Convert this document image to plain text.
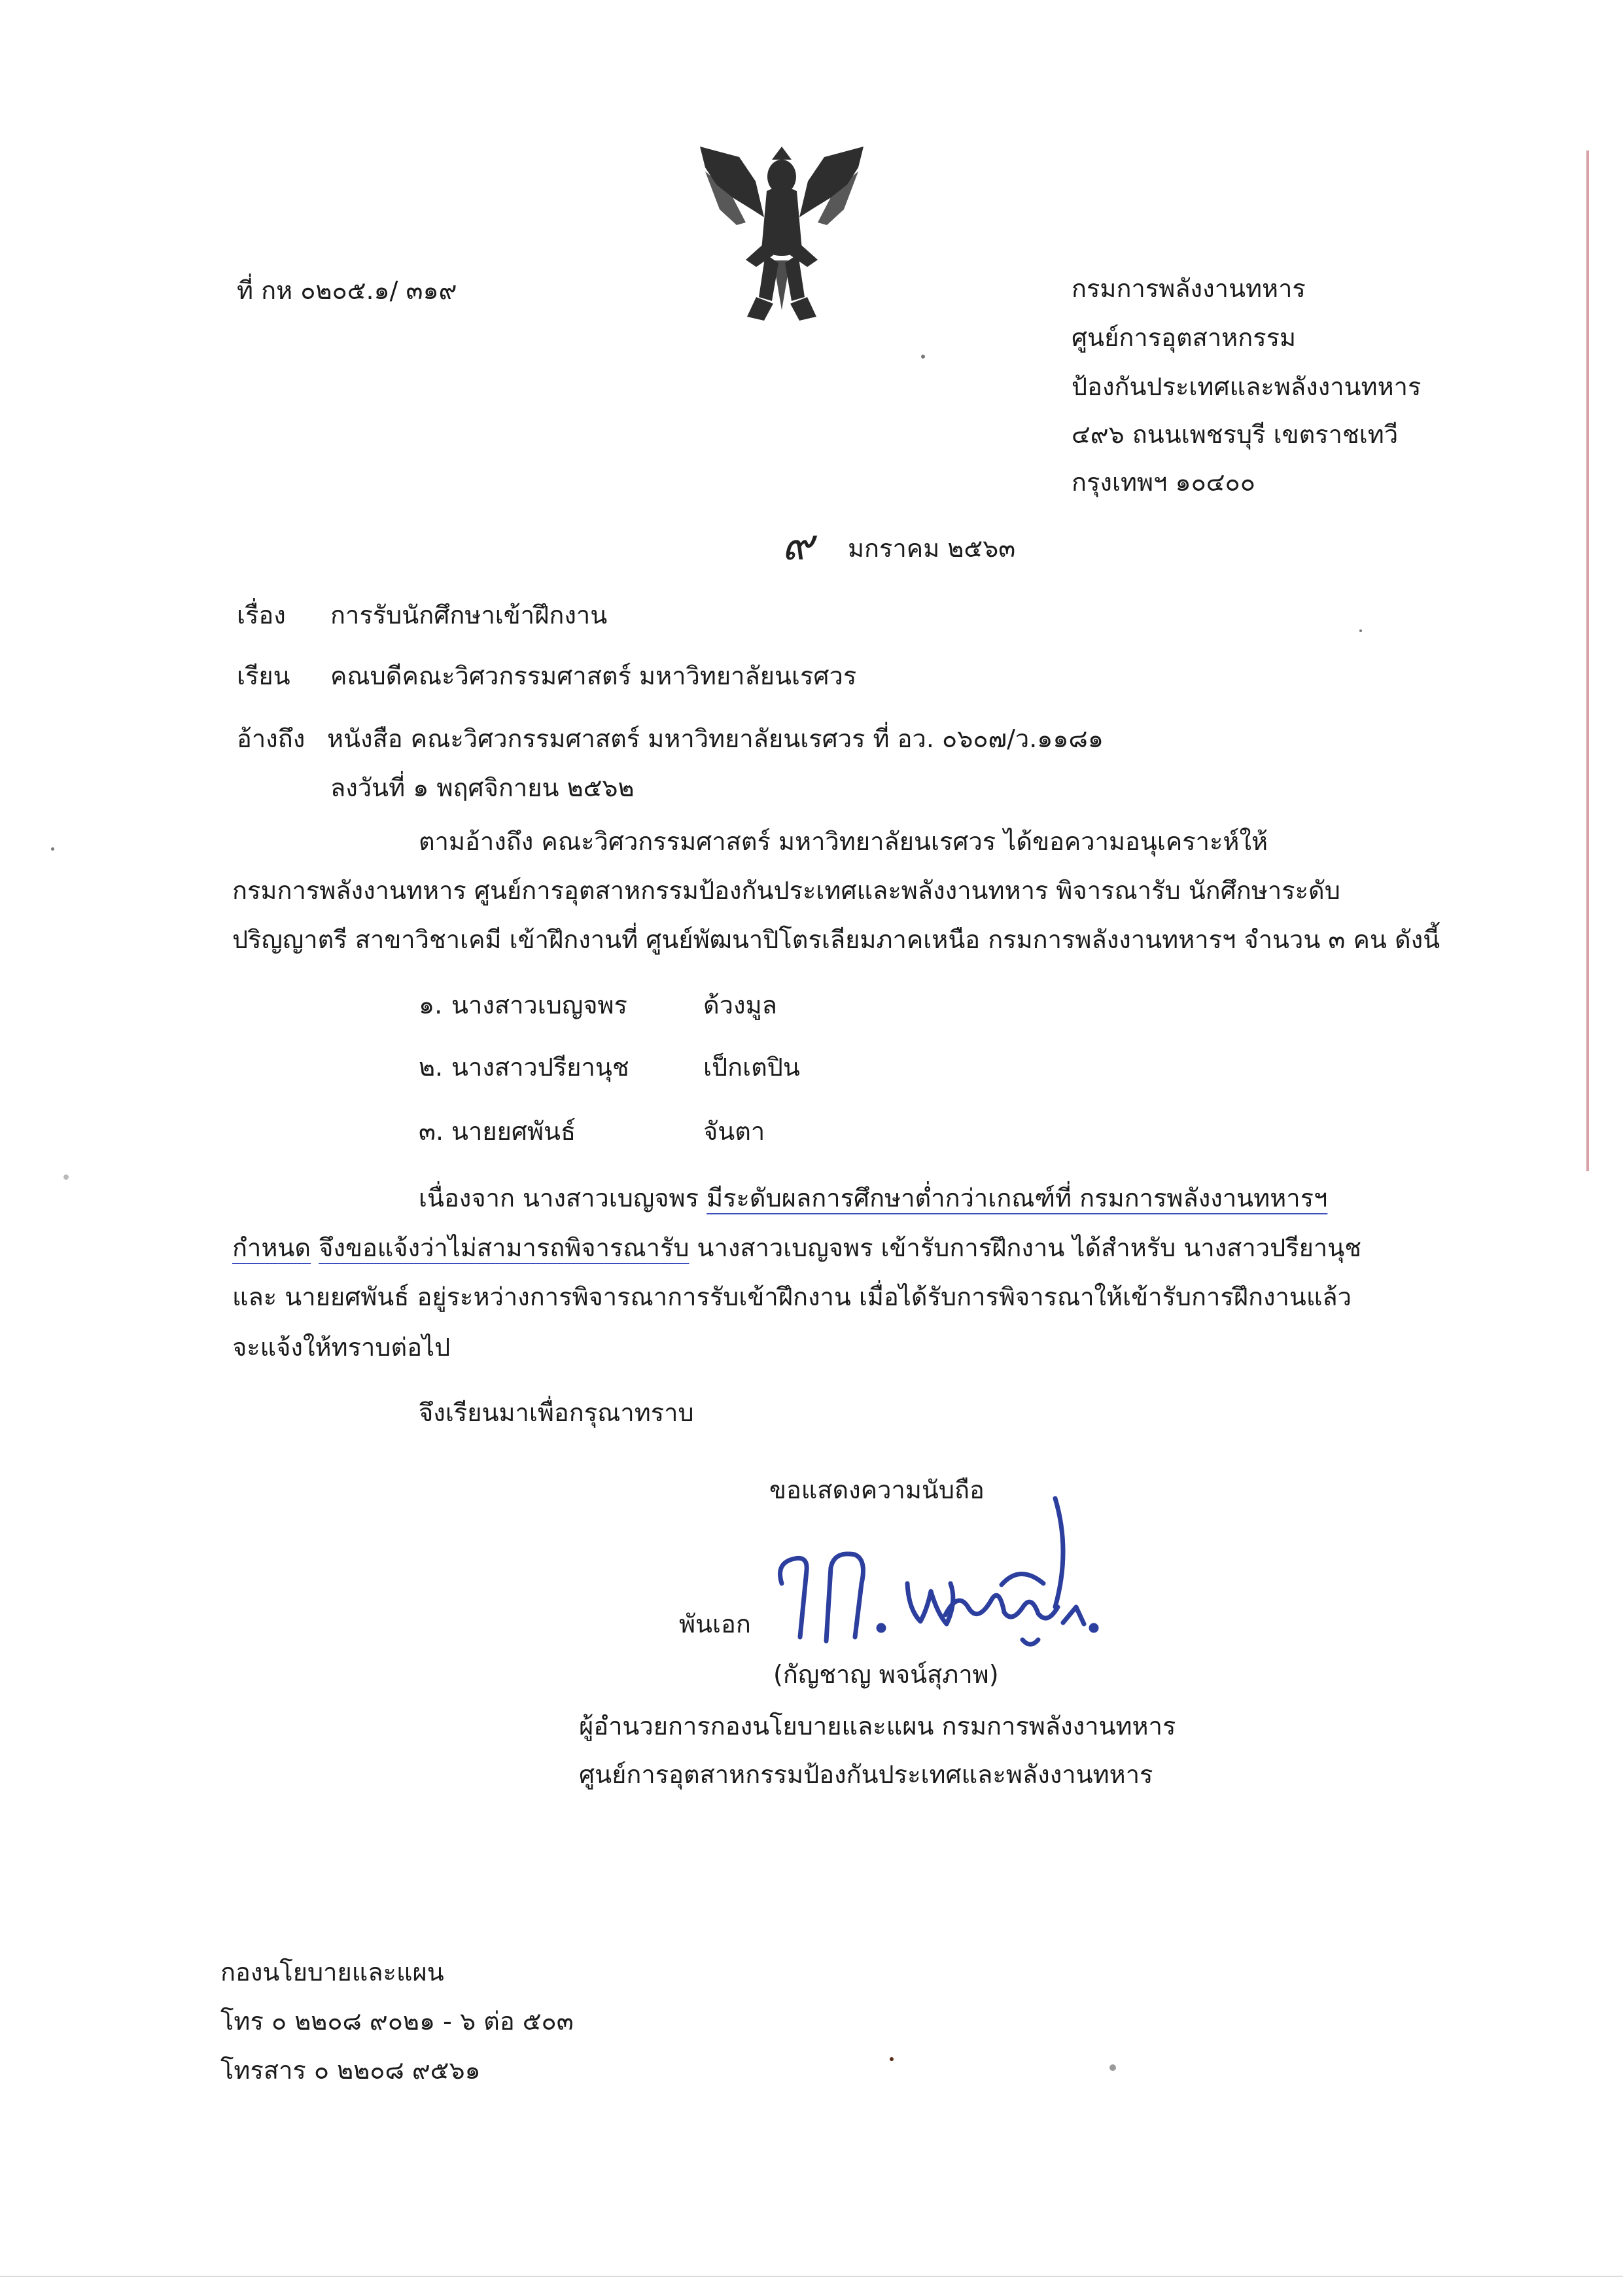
ที่ กห ๐๒๐๕.๑/ ๓๑๙	กรมการพลังงานทหาร
ศูนย์การอุตสาหกรรม
ป้องกันประเทศและพลังงานทหาร
๔๙๖ ถนนเพชรบุรี เขตราชเทวี
กรุงเทพฯ ๑๐๔๐๐
๙ มกราคม ๒๕๖๓
เรื่อง การรับนักศึกษาเข้าฝึกงาน
เรียน คณบดีคณะวิศวกรรมศาสตร์ มหาวิทยาลัยนเรศวร
อ้างถึง หนังสือ คณะวิศวกรรมศาสตร์ มหาวิทยาลัยนเรศวร ที่ อว. ๐๖๐๗/ว.๑๑๘๑
ลงวันที่ ๑ พฤศจิกายน ๒๕๖๒
ตามอ้างถึง คณะวิศวกรรมศาสตร์ มหาวิทยาลัยนเรศวร ได้ขอความอนุเคราะห์ให้
กรมการพลังงานทหาร ศูนย์การอุตสาหกรรมป้องกันประเทศและพลังงานทหาร พิจารณารับ นักศึกษาระดับ
ปริญญาตรี สาขาวิชาเคมี เข้าฝึกงานที่ ศูนย์พัฒนาปิโตรเลียมภาคเหนือ กรมการพลังงานทหารฯ จำนวน ๓ คน ดังนี้
๑. นางสาวเบญจพร	ด้วงมูล
๒. นางสาวปรียานุช	เป็กเตปิน
๓. นายยศพันธ์	จันตา
เนื่องจาก นางสาวเบญจพร มีระดับผลการศึกษาต่ำกว่าเกณฑ์ที่ กรมการพลังงานทหารฯ
กำหนด จึงขอแจ้งว่าไม่สามารถพิจารณารับ นางสาวเบญจพร เข้ารับการฝึกงาน ได้สำหรับ นางสาวปรียานุช
และ นายยศพันธ์ อยู่ระหว่างการพิจารณาการรับเข้าฝึกงาน เมื่อได้รับการพิจารณาให้เข้ารับการฝึกงานแล้ว
จะแจ้งให้ทราบต่อไป
จึงเรียนมาเพื่อกรุณาทราบ
ขอแสดงความนับถือ
พันเอก
(กัญชาญ พจน์สุภาพ)
ผู้อำนวยการกองนโยบายและแผน กรมการพลังงานทหาร
ศูนย์การอุตสาหกรรมป้องกันประเทศและพลังงานทหาร
กองนโยบายและแผน
โทร ๐ ๒๒๐๘ ๙๐๒๑ - ๖ ต่อ ๕๐๓
โทรสาร ๐ ๒๒๐๘ ๙๕๖๑
